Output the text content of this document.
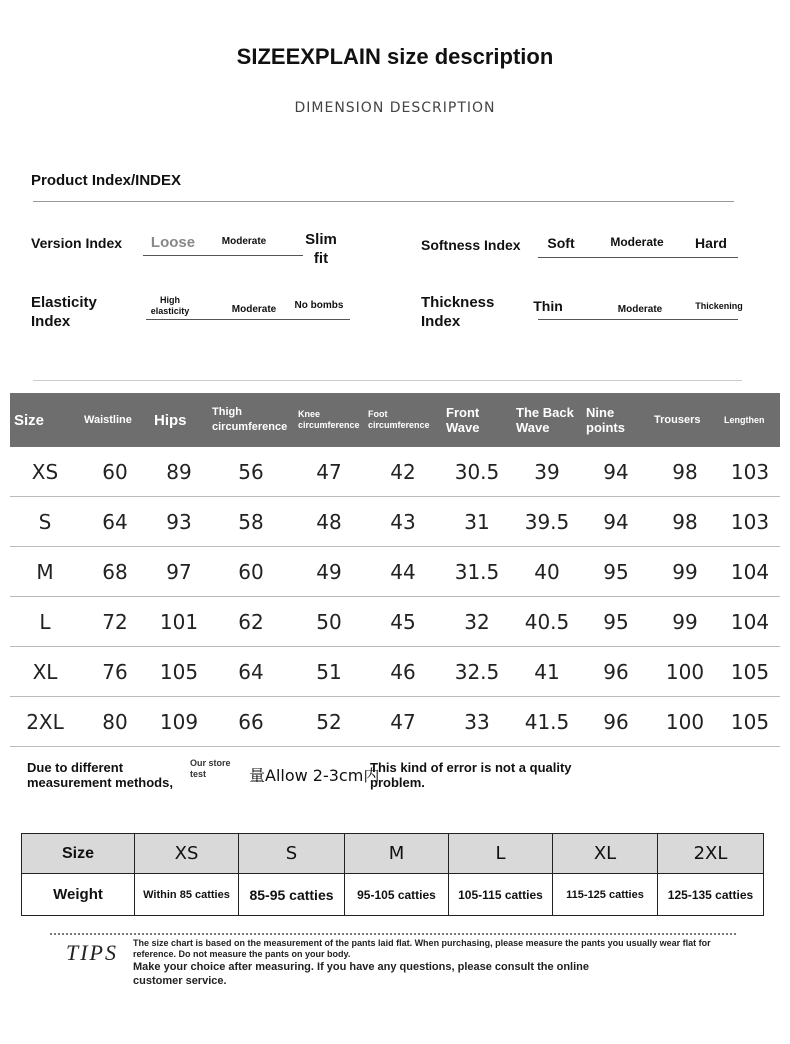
SIZEEXPLAIN size description
DIMENSION DESCRIPTION
Product Index/INDEX
Version Index Loose	Moderate	Slim
fit
Softness Index	Soft	Moderate	Hard
Elasticity
Index
High
elasticity	Moderate	No bombs	Thickness
Index
Thin	Moderate	Thickening
Size	Waistline	Hips	Thigh circumference	Knee circumference	Foot circumference	Front Wave	The Back Wave	Nine points	Trousers	Lengthen
XS	60	89	56	47	42	30.5	39	94	98	103
S	64	93	58	48	43	31	39.5	94	98	103
M	68	97	60	49	44	31.5	40	95	99	104
L	72	101	62	50	45	32	40.5	95	99	104
XL	76	105	64	51	46	32.5	41	96	100	105
2XL	80	109	66	52	47	33	41.5	96	100	105
Due to different measurement methods,
Our store test	量Allow 2-3cm内
This kind of error is not a quality problem.
Size	XS	S	M	L	XL	2XL
Weight	Within 85 catties	85-95 catties	95-105 catties	105-115 catties	115-125 catties	125-135 catties
TIPS The size chart is based on the measurement of the pants laid flat. When purchasing, please measure the pants you usually wear flat for reference. Do not measure the pants on your body.
Make your choice after measuring. If you have any questions, please consult the online customer service.
